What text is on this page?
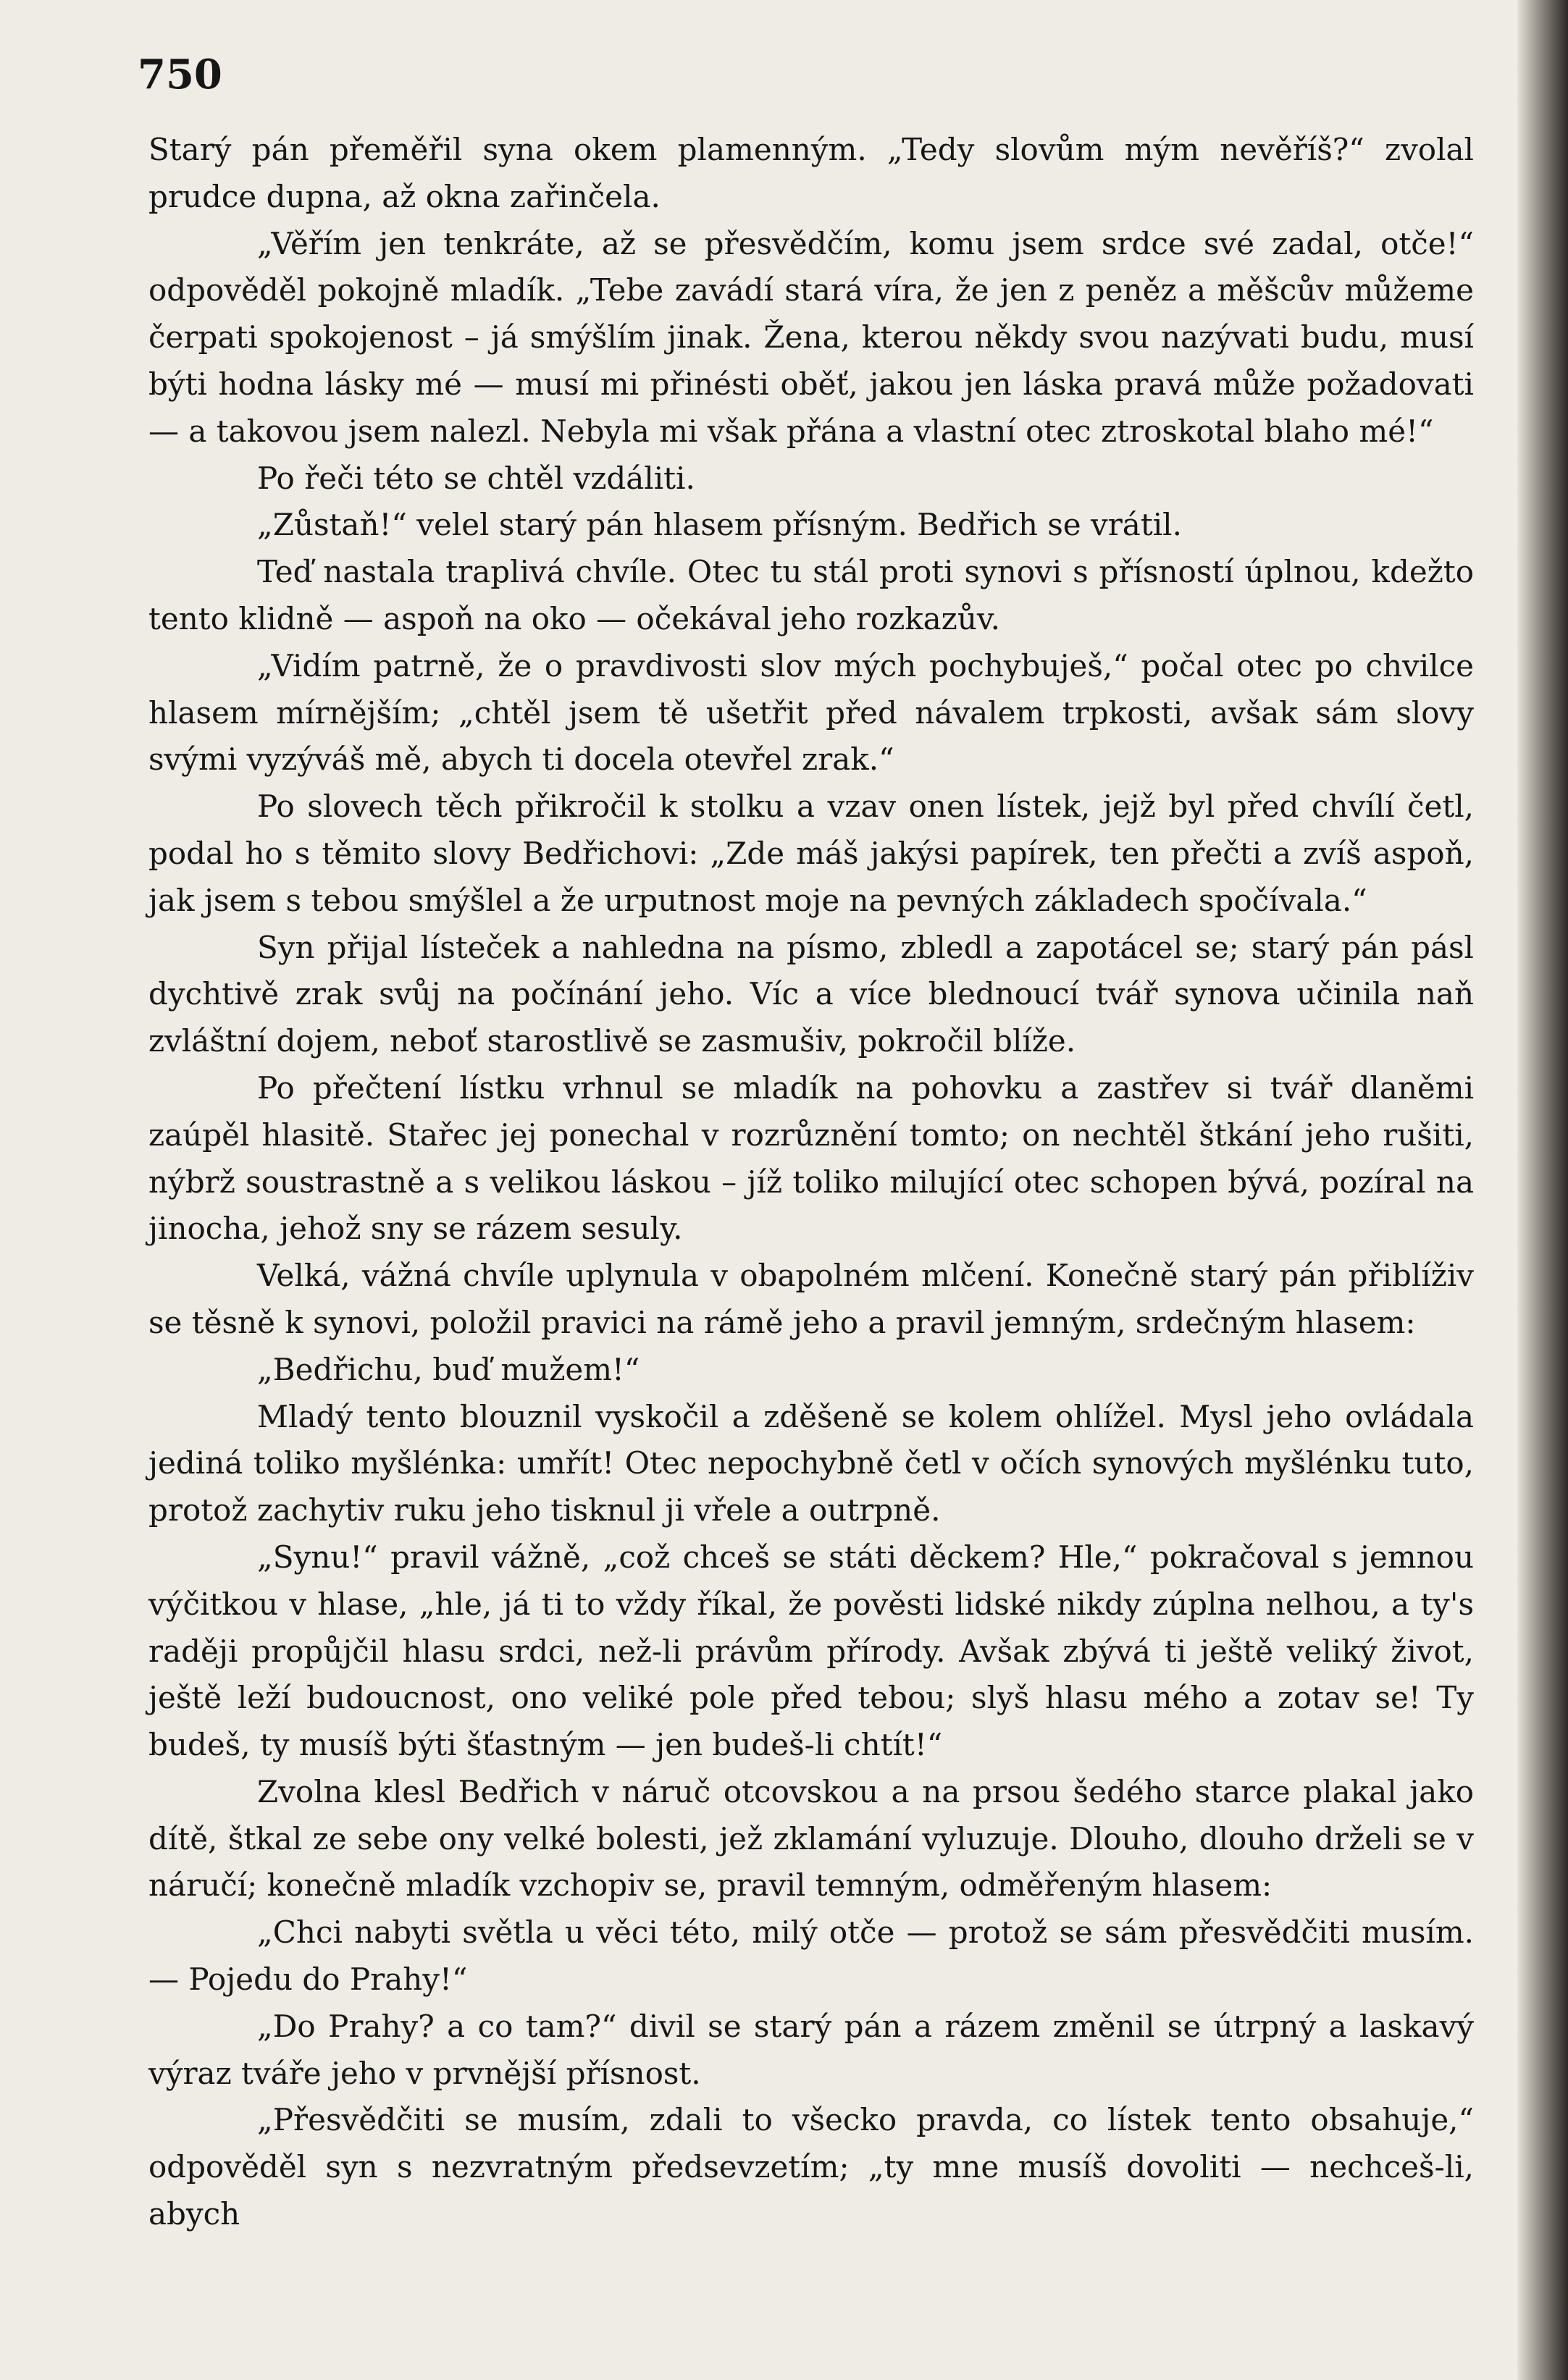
750

Starý pán přeměřil syna okem plamenným. „Tedy slovům mým nevěříš?“ zvolal prudce dupna, až okna zařinčela.

„Věřím jen tenkráte, až se přesvědčím, komu jsem srdce své zadal, otče!“ odpověděl pokojně mladík. „Tebe zavádí stará víra, že jen z peněz a měšcův můžeme čerpati spokojenost – já smýšlím jinak. Žena, kterou někdy svou nazývati budu, musí býti hodna lásky mé — musí mi přinésti oběť, jakou jen láska pravá může požadovati — a takovou jsem nalezl. Nebyla mi však přána a vlastní otec ztroskotal blaho mé!“

Po řeči této se chtěl vzdáliti.

„Zůstaň!“ velel starý pán hlasem přísným. Bedřich se vrátil.

Teď nastala traplivá chvíle. Otec tu stál proti synovi s přísností úplnou, kdežto tento klidně — aspoň na oko — očekával jeho rozkazův.

„Vidím patrně, že o pravdivosti slov mých pochybuješ,“ počal otec po chvilce hlasem mírnějším; „chtěl jsem tě ušetřit před návalem trpkosti, avšak sám slovy svými vyzýváš mě, abych ti docela otevřel zrak.“

Po slovech těch přikročil k stolku a vzav onen lístek, jejž byl před chvílí četl, podal ho s těmito slovy Bedřichovi: „Zde máš jakýsi papírek, ten přečti a zvíš aspoň, jak jsem s tebou smýšlel a že urputnost moje na pevných základech spočívala.“

Syn přijal lísteček a nahledna na písmo, zbledl a zapotácel se; starý pán pásl dychtivě zrak svůj na počínání jeho. Víc a více blednoucí tvář synova učinila naň zvláštní dojem, neboť starostlivě se zasmušiv, pokročil blíže.

Po přečtení lístku vrhnul se mladík na pohovku a zastřev si tvář dlaněmi zaúpěl hlasitě. Stařec jej ponechal v rozrůznění tomto; on nechtěl štkání jeho rušiti, nýbrž soustrastně a s velikou láskou – jíž toliko milující otec schopen bývá, pozíral na jinocha, jehož sny se rázem sesuly.

Velká, vážná chvíle uplynula v obapolném mlčení. Konečně starý pán přiblíživ se těsně k synovi, položil pravici na rámě jeho a pravil jemným, srdečným hlasem:

„Bedřichu, buď mužem!“

Mladý tento blouznil vyskočil a zděšeně se kolem ohlížel. Mysl jeho ovládala jediná toliko myšlénka: umřít! Otec nepochybně četl v očích synových myšlénku tuto, protož zachytiv ruku jeho tisknul ji vřele a outrpně.

„Synu!“ pravil vážně, „což chceš se státi děckem? Hle,“ pokračoval s jemnou výčitkou v hlase, „hle, já ti to vždy říkal, že pověsti lidské nikdy zúplna nelhou, a ty's raději propůjčil hlasu srdci, než-li právům přírody. Avšak zbývá ti ještě veliký život, ještě leží budoucnost, ono veliké pole před tebou; slyš hlasu mého a zotav se! Ty budeš, ty musíš býti šťastným — jen budeš-li chtít!“

Zvolna klesl Bedřich v náruč otcovskou a na prsou šedého starce plakal jako dítě, štkal ze sebe ony velké bolesti, jež zklamání vyluzuje. Dlouho, dlouho drželi se v náručí; konečně mladík vzchopiv se, pravil temným, odměřeným hlasem:

„Chci nabyti světla u věci této, milý otče — protož se sám přesvědčiti musím. — Pojedu do Prahy!“

„Do Prahy? a co tam?“ divil se starý pán a rázem změnil se útrpný a laskavý výraz tváře jeho v prvnější přísnost.

„Přesvědčiti se musím, zdali to všecko pravda, co lístek tento obsahuje,“ odpověděl syn s nezvratným předsevzetím; „ty mne musíš dovoliti — nechceš-li, abych
